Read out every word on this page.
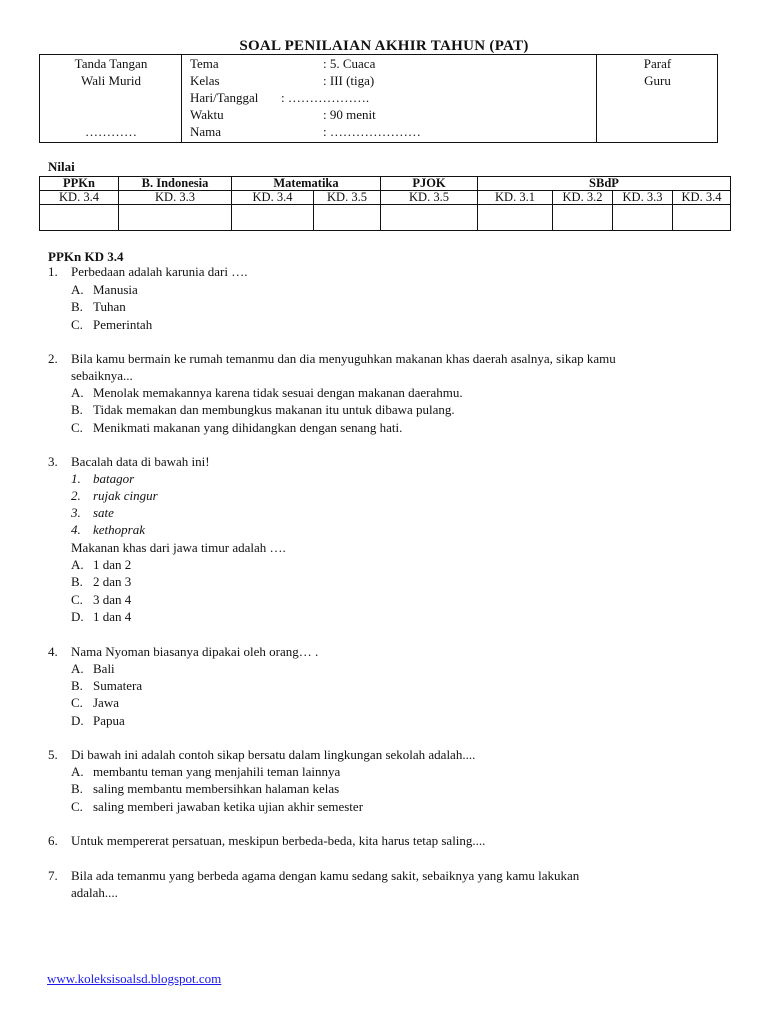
SOAL PENILAIAN AKHIR TAHUN (PAT)
Tanda Tangan
Wali Murid
…………
Paraf
Guru
Tema	: 5. Cuaca
Kelas	: III (tiga)
Hari/Tanggal : ……………….
Waktu	: 90 menit
Nama	: …………………
Nilai
PPKn	B. Indonesia	Matematika		PJOK	SBdP			
KD. 3.4	KD. 3.3	KD. 3.4	KD. 3.5	KD. 3.5	KD. 3.1	KD. 3.2	KD. 3.3	KD. 3.4

PPKn KD 3.4
1. Perbedaan adalah karunia dari ….
A. Manusia
B. Tuhan
C. Pemerintah
2. Bila kamu bermain ke rumah temanmu dan dia menyuguhkan makanan khas daerah asalnya, sikap kamu
sebaiknya...
A. Menolak memakannya karena tidak sesuai dengan makanan daerahmu.
B. Tidak memakan dan membungkus makanan itu untuk dibawa pulang.
C. Menikmati makanan yang dihidangkan dengan senang hati.
3. Bacalah data di bawah ini!
1. batagor
2. rujak cingur
3. sate
4. kethoprak
Makanan khas dari jawa timur adalah ….
A. 1 dan 2
B. 2 dan 3
C. 3 dan 4
D. 1 dan 4
4. Nama Nyoman biasanya dipakai oleh orang… .
A. Bali
B. Sumatera
C. Jawa
D. Papua
5. Di bawah ini adalah contoh sikap bersatu dalam lingkungan sekolah adalah....
A. membantu teman yang menjahili teman lainnya
B. saling membantu membersihkan halaman kelas
C. saling memberi jawaban ketika ujian akhir semester
6. Untuk mempererat persatuan, meskipun berbeda-beda, kita harus tetap saling....
7. Bila ada temanmu yang berbeda agama dengan kamu sedang sakit, sebaiknya yang kamu lakukan
adalah....
www.koleksisoalsd.blogspot.com
